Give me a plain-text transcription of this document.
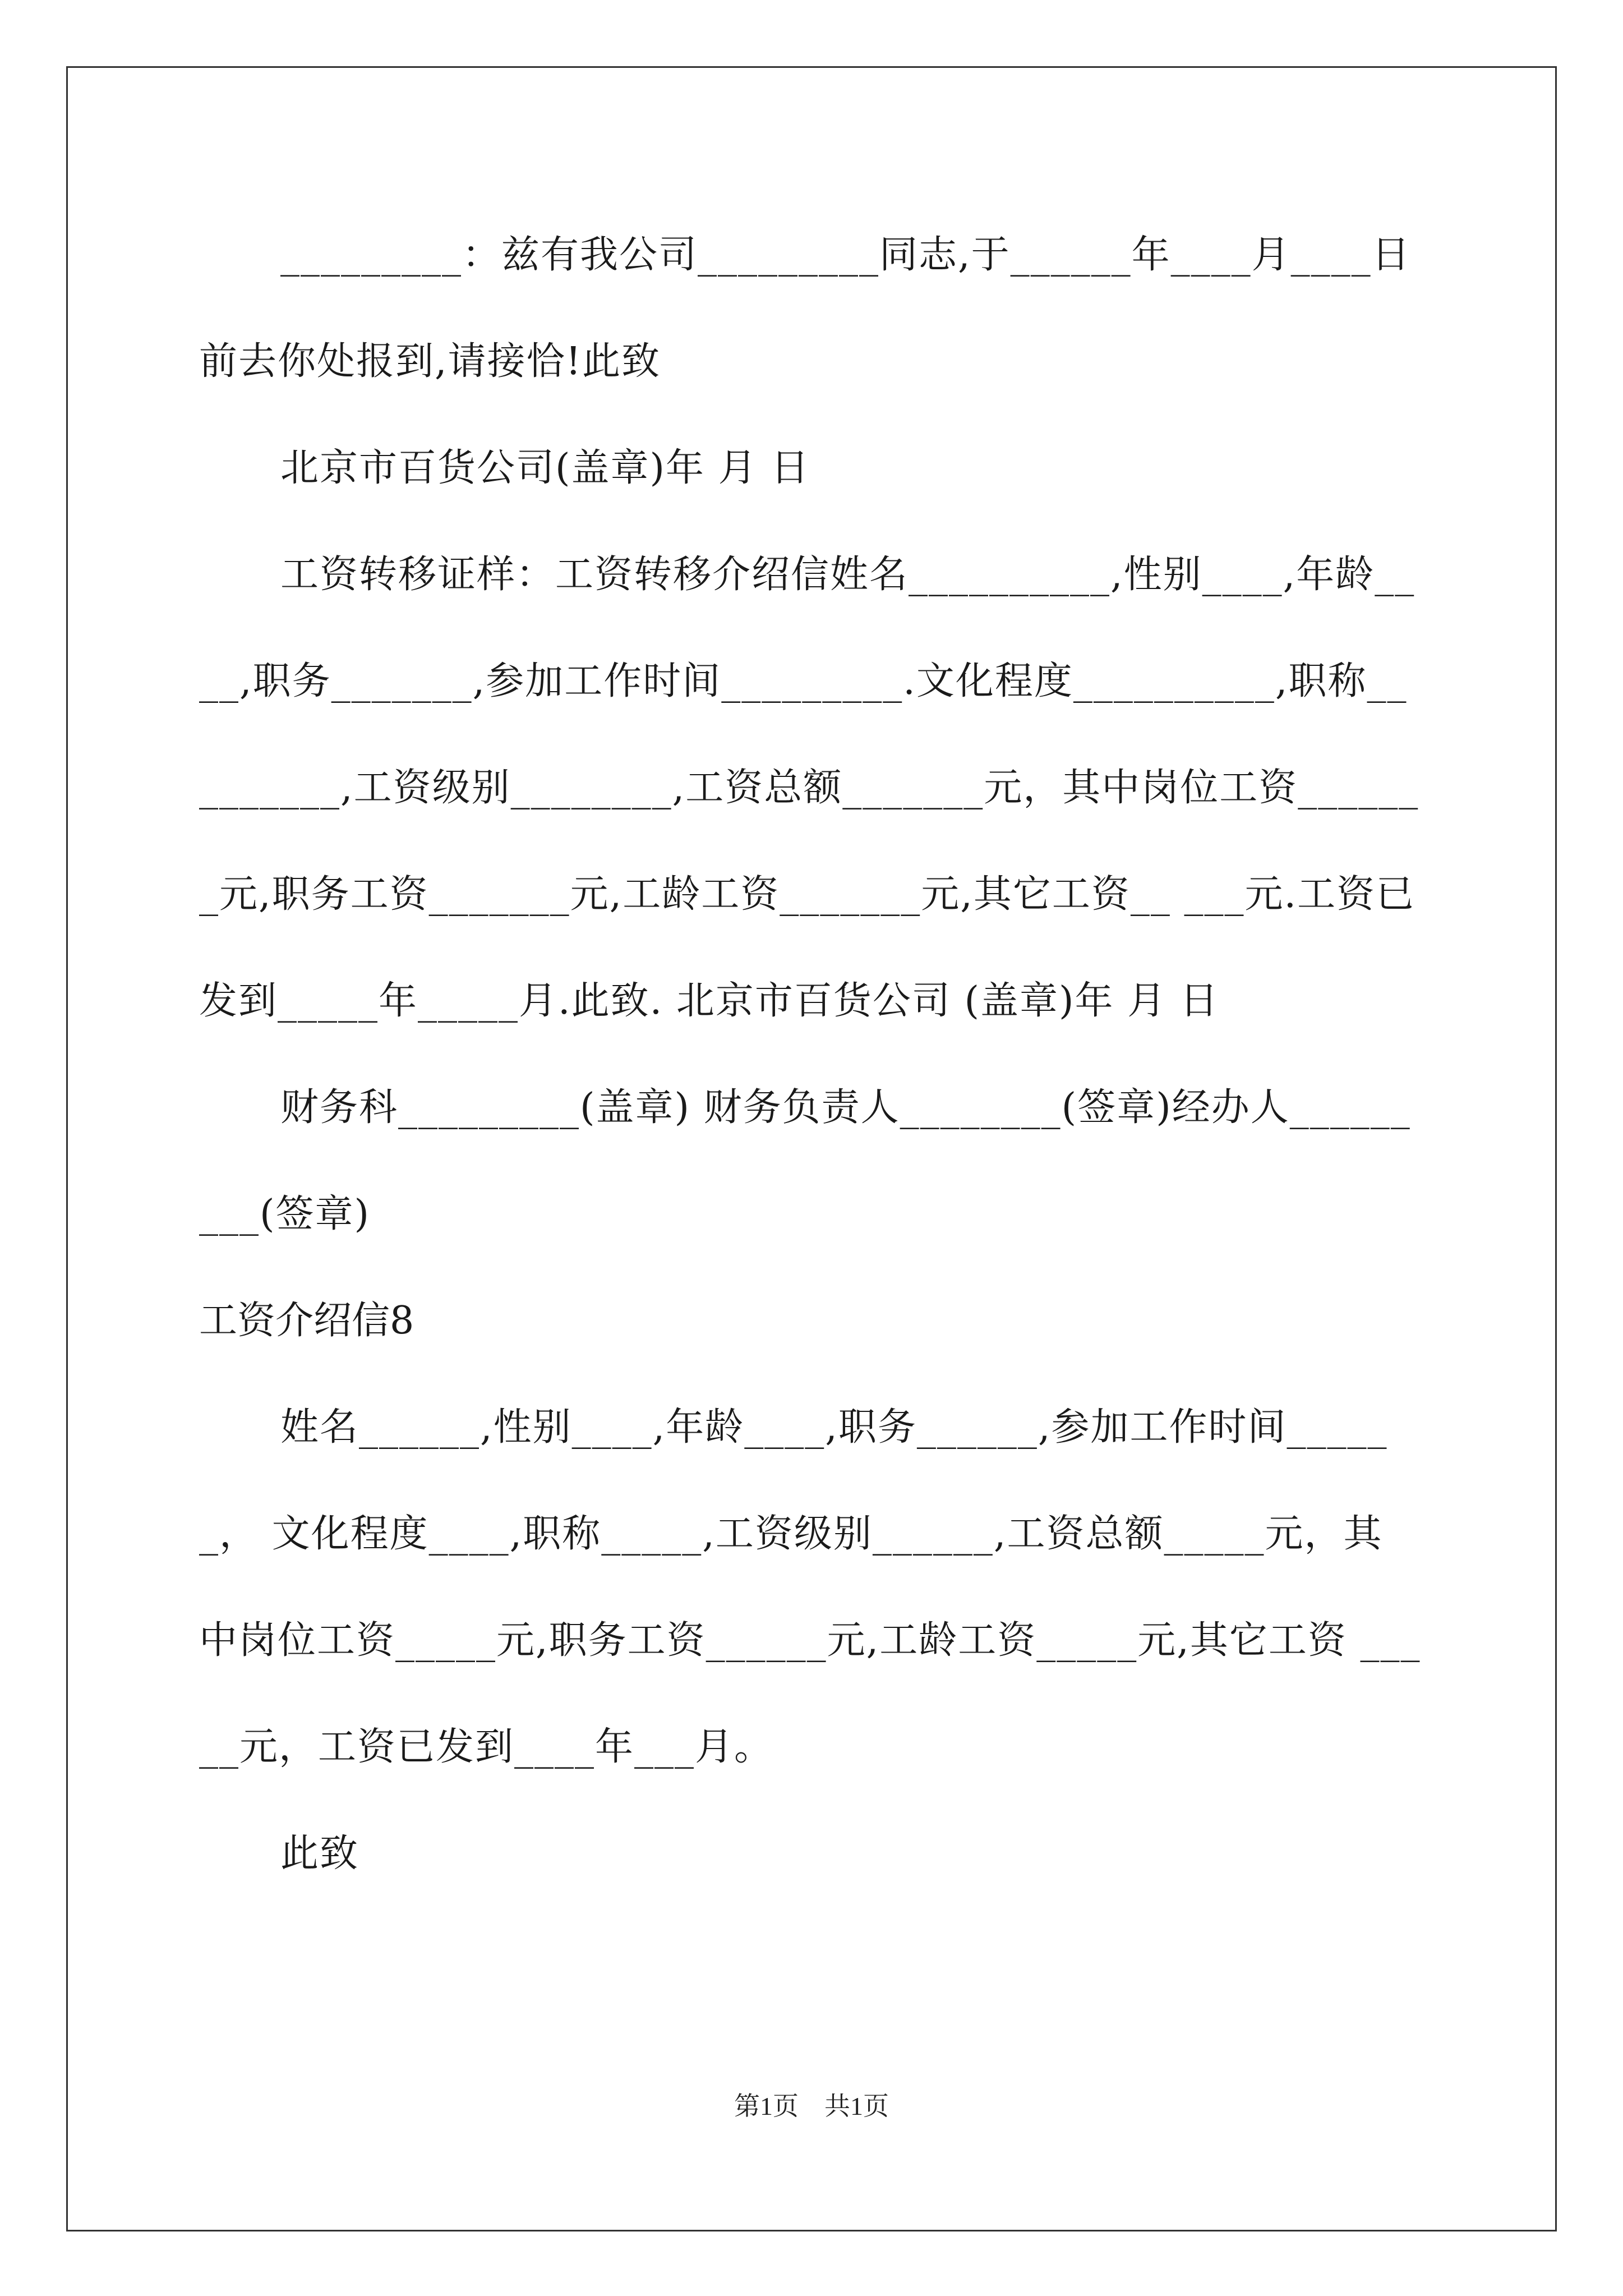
_________：兹有我公司_________同志,于______年____月____日前去你处报到,请接恰!此致

北京市百货公司(盖章)年 月 日

工资转移证样：工资转移介绍信姓名__________,性别____,年龄____,职务_______,参加工作时间_________.文化程度__________,职称_________,工资级别________,工资总额_______元，其中岗位工资_______元,职务工资_______元,工龄工资_______元,其它工资__ ___元.工资已发到_____年_____月.此致. 北京市百货公司 (盖章)年 月 日

财务科_________(盖章) 财务负责人________(签章)经办人_________(签章)

工资介绍信8

姓名______,性别____,年龄____,职务______,参加工作时间______， 文化程度____,职称_____,工资级别______,工资总额_____元，其中岗位工资_____元,职务工资______元,工龄工资_____元,其它工资 _____元，工资已发到____年___月。

此致

第1页　共1页
